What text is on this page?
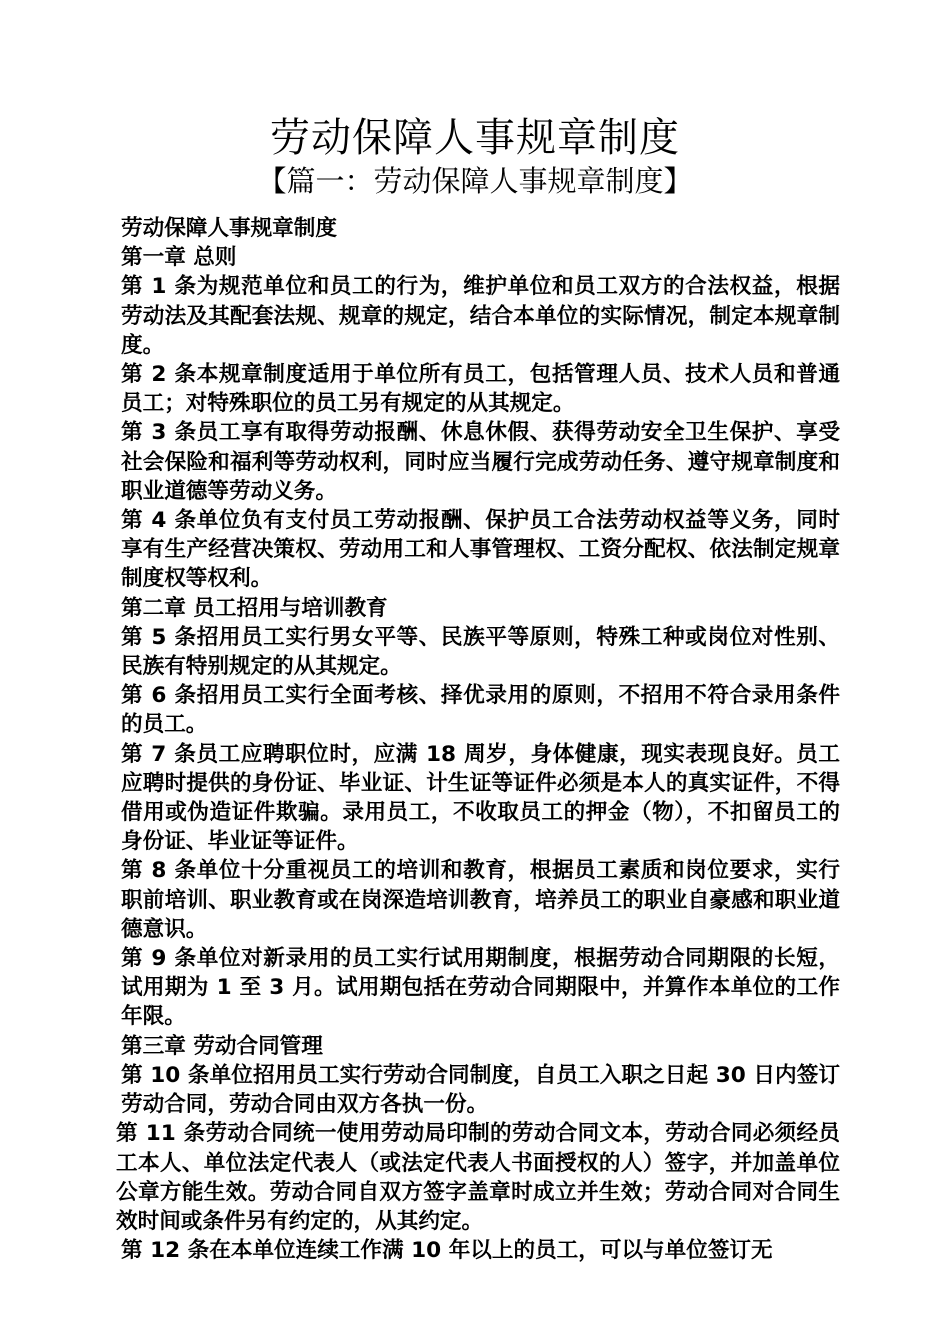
劳动保障人事规章制度
【篇一：劳动保障人事规章制度】

劳动保障人事规章制度

第一章 总则

第 1 条为规范单位和员工的行为，维护单位和员工双方的合法权益，根据劳动法及其配套法规、规章的规定，结合本单位的实际情况，制定本规章制度。

第 2 条本规章制度适用于单位所有员工，包括管理人员、技术人员和普通员工；对特殊职位的员工另有规定的从其规定。

第 3 条员工享有取得劳动报酬、休息休假、获得劳动安全卫生保护、享受社会保险和福利等劳动权利，同时应当履行完成劳动任务、遵守规章制度和职业道德等劳动义务。

第 4 条单位负有支付员工劳动报酬、保护员工合法劳动权益等义务，同时享有生产经营决策权、劳动用工和人事管理权、工资分配权、依法制定规章制度权等权利。

第二章 员工招用与培训教育

第 5 条招用员工实行男女平等、民族平等原则，特殊工种或岗位对性别、民族有特别规定的从其规定。

第 6 条招用员工实行全面考核、择优录用的原则，不招用不符合录用条件的员工。

第 7 条员工应聘职位时，应满 18 周岁，身体健康，现实表现良好。员工应聘时提供的身份证、毕业证、计生证等证件必须是本人的真实证件，不得借用或伪造证件欺骗。录用员工，不收取员工的押金（物），不扣留员工的身份证、毕业证等证件。

第 8 条单位十分重视员工的培训和教育，根据员工素质和岗位要求，实行职前培训、职业教育或在岗深造培训教育，培养员工的职业自豪感和职业道德意识。

第 9 条单位对新录用的员工实行试用期制度，根据劳动合同期限的长短，试用期为 1 至 3 月。试用期包括在劳动合同期限中，并算作本单位的工作年限。

第三章 劳动合同管理

第 10 条单位招用员工实行劳动合同制度，自员工入职之日起 30 日内签订劳动合同，劳动合同由双方各执一份。

第 11 条劳动合同统一使用劳动局印制的劳动合同文本，劳动合同必须经员工本人、单位法定代表人（或法定代表人书面授权的人）签字，并加盖单位公章方能生效。劳动合同自双方签字盖章时成立并生效；劳动合同对合同生效时间或条件另有约定的，从其约定。

第 12 条在本单位连续工作满 10 年以上的员工，可以与单位签订无
